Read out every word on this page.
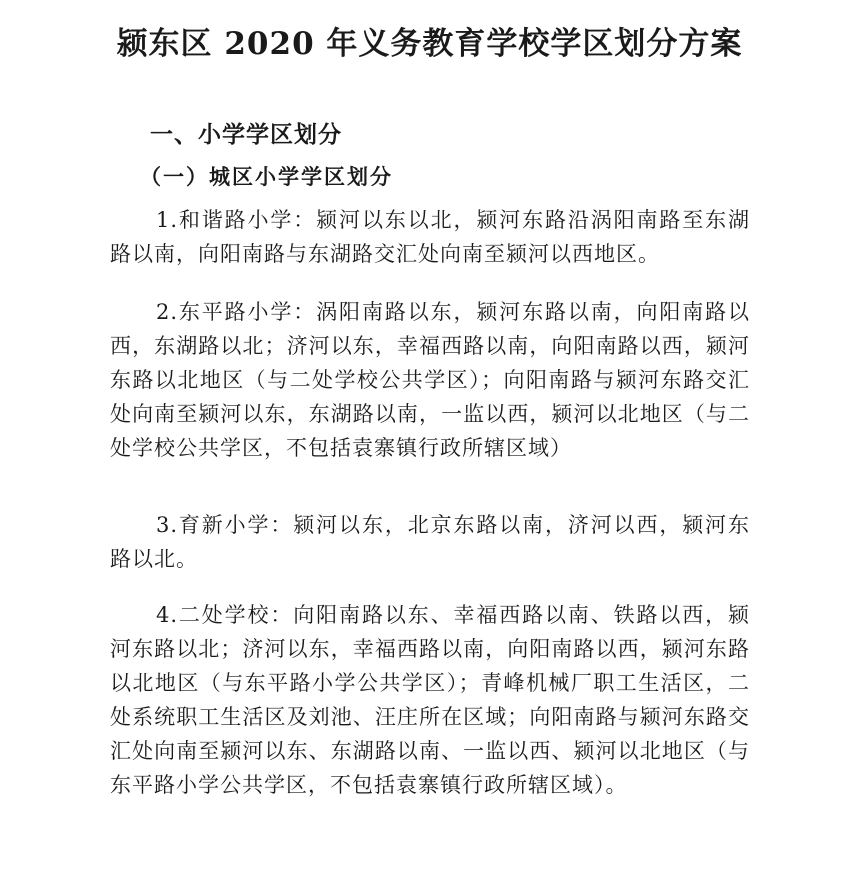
颍东区 2020 年义务教育学校学区划分方案
一、小学学区划分
（一）城区小学学区划分

1.和谐路小学：颍河以东以北，颍河东路沿涡阳南路至东湖路以南，向阳南路与东湖路交汇处向南至颍河以西地区。

2.东平路小学：涡阳南路以东，颍河东路以南，向阳南路以西，东湖路以北；济河以东，幸福西路以南，向阳南路以西，颍河东路以北地区（与二处学校公共学区）；向阳南路与颍河东路交汇处向南至颍河以东，东湖路以南，一监以西，颍河以北地区（与二处学校公共学区，不包括袁寨镇行政所辖区域）

3.育新小学：颍河以东，北京东路以南，济河以西，颍河东路以北。

4.二处学校：向阳南路以东、幸福西路以南、铁路以西，颍河东路以北；济河以东，幸福西路以南，向阳南路以西，颍河东路以北地区（与东平路小学公共学区）；青峰机械厂职工生活区，二处系统职工生活区及刘池、汪庄所在区域；向阳南路与颍河东路交汇处向南至颍河以东、东湖路以南、一监以西、颍河以北地区（与东平路小学公共学区，不包括袁寨镇行政所辖区域）。
